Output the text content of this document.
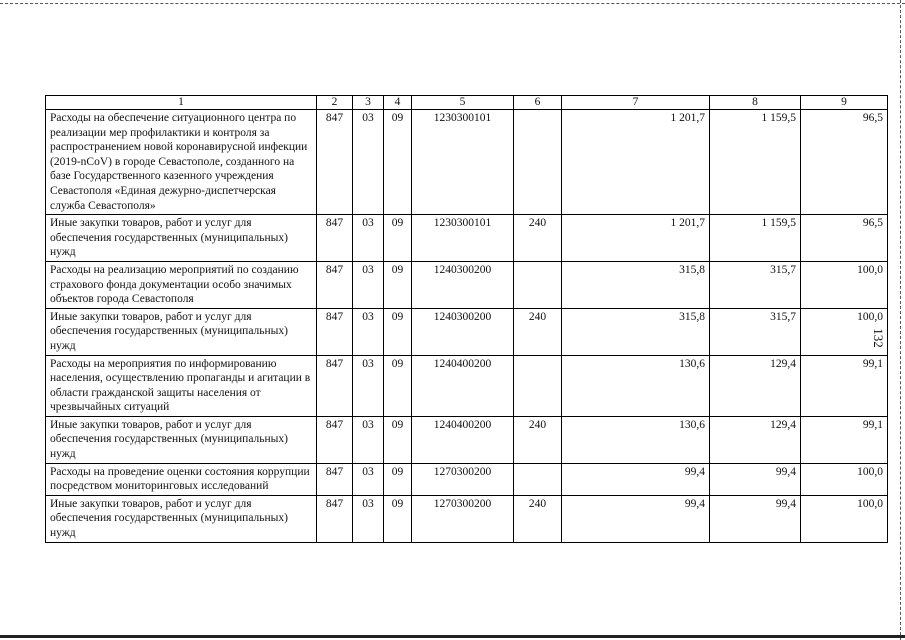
132
1	2	3	4	5	6	7	8	9
Расходы на обеспечение ситуационного центра по реализации мер профилактики и контроля за распространением новой коронавирусной инфекции (2019-nCoV) в городе Севастополе, созданного на базе Государственного казенного учреждения Севастополя «Единая дежурно-диспетчерская служба Севастополя»	847	03	09	1230300101		1 201,7	1 159,5	96,5
Иные закупки товаров, работ и услуг для обеспечения государственных (муниципальных) нужд	847	03	09	1230300101	240	1 201,7	1 159,5	96,5
Расходы на реализацию мероприятий по созданию страхового фонда документации особо значимых объектов города Севастополя	847	03	09	1240300200		315,8	315,7	100,0
Иные закупки товаров, работ и услуг для обеспечения государственных (муниципальных) нужд	847	03	09	1240300200	240	315,8	315,7	100,0
Расходы на мероприятия по информированию населения, осуществлению пропаганды и агитации в области гражданской защиты населения от чрезвычайных ситуаций	847	03	09	1240400200		130,6	129,4	99,1
Иные закупки товаров, работ и услуг для обеспечения государственных (муниципальных) нужд	847	03	09	1240400200	240	130,6	129,4	99,1
Расходы на проведение оценки состояния коррупции посредством мониторинговых исследований	847	03	09	1270300200		99,4	99,4	100,0
Иные закупки товаров, работ и услуг для обеспечения государственных (муниципальных) нужд	847	03	09	1270300200	240	99,4	99,4	100,0
